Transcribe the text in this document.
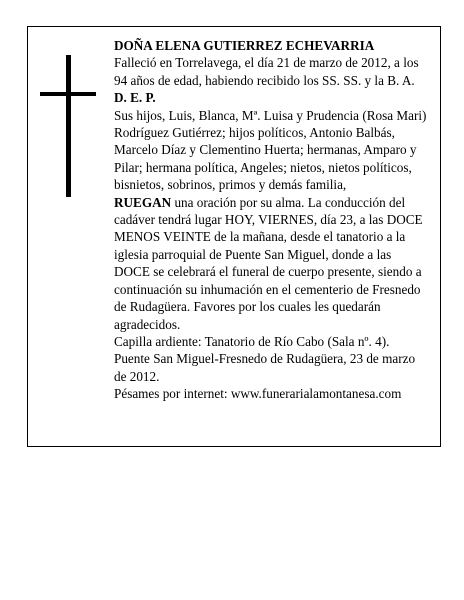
DOÑA ELENA GUTIERREZ ECHEVARRIA

Falleció en Torrelavega, el día 21 de marzo de 2012, a los 94 años de edad, habiendo recibido los SS. SS. y la B. A.

D. E. P.

Sus hijos, Luis, Blanca, Mª. Luisa y Prudencia (Rosa Mari) Rodríguez Gutiérrez; hijos políticos, Antonio Balbás, Marcelo Díaz y Clementino Huerta; hermanas, Amparo y Pilar; hermana política, Angeles; nietos, nietos políticos, bisnietos, sobrinos, primos y demás familia,

RUEGAN una oración por su alma. La conducción del cadáver tendrá lugar HOY, VIERNES, día 23, a las DOCE MENOS VEINTE de la mañana, desde el tanatorio a la iglesia parroquial de Puente San Miguel, donde a las DOCE se celebrará el funeral de cuerpo presente, siendo a continuación su inhumación en el cementerio de Fresnedo de Rudagüera. Favores por los cuales les quedarán agradecidos.

Capilla ardiente: Tanatorio de Río Cabo (Sala nº. 4).

Puente San Miguel-Fresnedo de Rudagüera, 23 de marzo de 2012.

Pésames por internet: www.funerarialamontanesa.com
